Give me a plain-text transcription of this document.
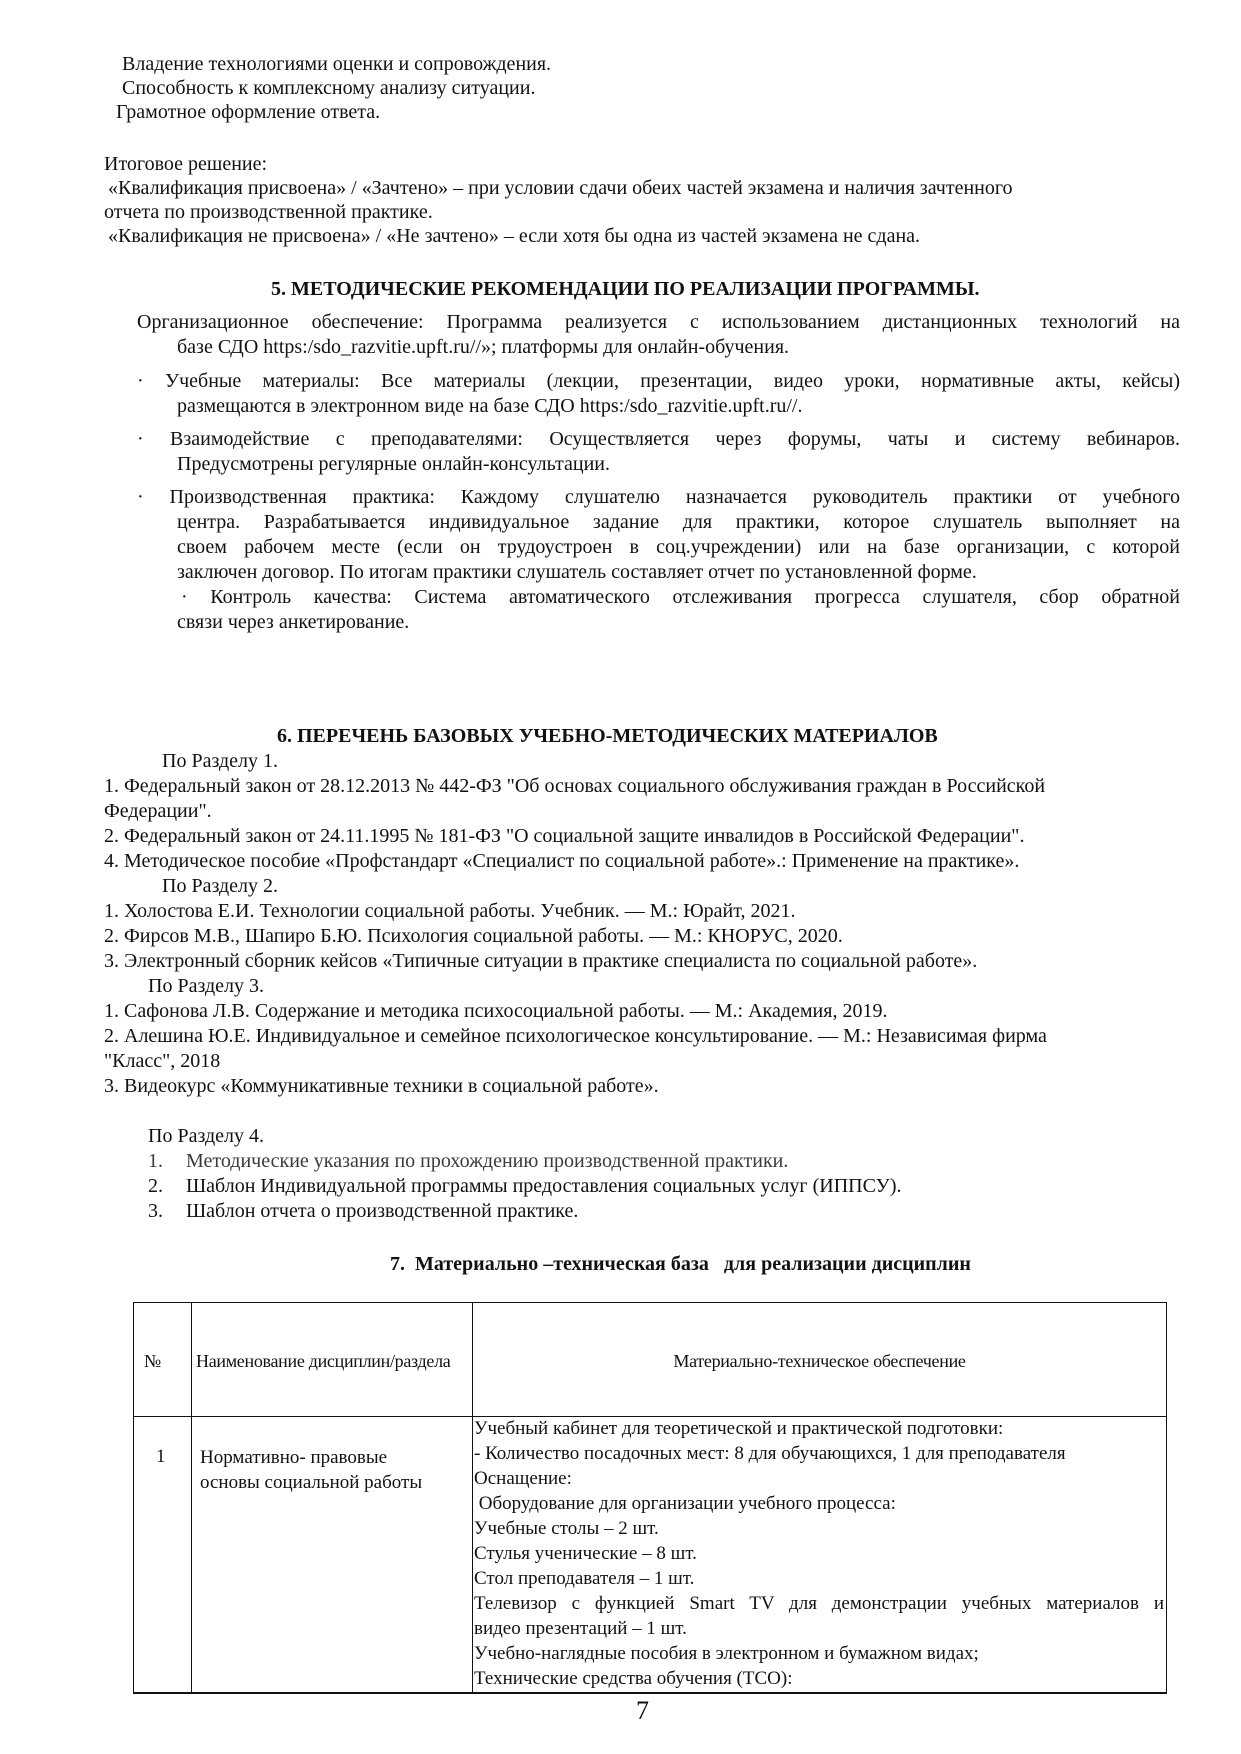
Владение технологиями оценки и сопровождения.
Способность к комплексному анализу ситуации.
Грамотное оформление ответа.
Итоговое решение:
«Квалификация присвоена» / «Зачтено» – при условии сдачи обеих частей экзамена и наличия зачтенного
отчета по производственной практике.
«Квалификация не присвоена» / «Не зачтено» – если хотя бы одна из частей экзамена не сдана.
5. МЕТОДИЧЕСКИЕ РЕКОМЕНДАЦИИ ПО РЕАЛИЗАЦИИ ПРОГРАММЫ.
Организационное обеспечение: Программа реализуется с использованием дистанционных технологий на
базе СДО https:/sdo_razvitie.upft.ru//»; платформы для онлайн-обучения.
· Учебные материалы: Все материалы (лекции, презентации, видео уроки, нормативные акты, кейсы)
размещаются в электронном виде на базе СДО https:/sdo_razvitie.upft.ru//.
· Взаимодействие с преподавателями: Осуществляется через форумы, чаты и систему вебинаров.
Предусмотрены регулярные онлайн-консультации.
· Производственная практика: Каждому слушателю назначается руководитель практики от учебного
центра. Разрабатывается индивидуальное задание для практики, которое слушатель выполняет на
своем рабочем месте (если он трудоустроен в соц.учреждении) или на базе организации, с которой
заключен договор. По итогам практики слушатель составляет отчет по установленной форме.
· Контроль качества: Система автоматического отслеживания прогресса слушателя, сбор обратной
связи через анкетирование.
6. ПЕРЕЧЕНЬ БАЗОВЫХ УЧЕБНО-МЕТОДИЧЕСКИХ МАТЕРИАЛОВ
По Разделу 1.
1. Федеральный закон от 28.12.2013 № 442-ФЗ "Об основах социального обслуживания граждан в Российской
Федерации".
2. Федеральный закон от 24.11.1995 № 181-ФЗ "О социальной защите инвалидов в Российской Федерации".
4. Методическое пособие «Профстандарт «Специалист по социальной работе».: Применение на практике».
По Разделу 2.
1. Холостова Е.И. Технологии социальной работы. Учебник. — М.: Юрайт, 2021.
2. Фирсов М.В., Шапиро Б.Ю. Психология социальной работы. — М.: КНОРУС, 2020.
3. Электронный сборник кейсов «Типичные ситуации в практике специалиста по социальной работе».
По Разделу 3.
1. Сафонова Л.В. Содержание и методика психосоциальной работы. — М.: Академия, 2019.
2. Алешина Ю.Е. Индивидуальное и семейное психологическое консультирование. — М.: Независимая фирма
"Класс", 2018
3. Видеокурс «Коммуникативные техники в социальной работе».
По Разделу 4.
1. Методические указания по прохождению производственной практики.
2. Шаблон Индивидуальной программы предоставления социальных услуг (ИППСУ).
3. Шаблон отчета о производственной практике.
7.  Материально –техническая база   для реализации дисциплин
№ Наименование дисциплин/раздела	Материально-техническое обеспечение
1 Нормативно- правовые
основы социальной работы
Учебный кабинет для теоретической и практической подготовки:
- Количество посадочных мест: 8 для обучающихся, 1 для преподавателя
Оснащение:
Оборудование для организации учебного процесса:
Учебные столы – 2 шт.
Стулья ученические – 8 шт.
Стол преподавателя – 1 шт.
Телевизор с функцией Smart TV для демонстрации учебных материалов и
видео презентаций – 1 шт.
Учебно-наглядные пособия в электронном и бумажном видах;
Технические средства обучения (ТСО):
7
